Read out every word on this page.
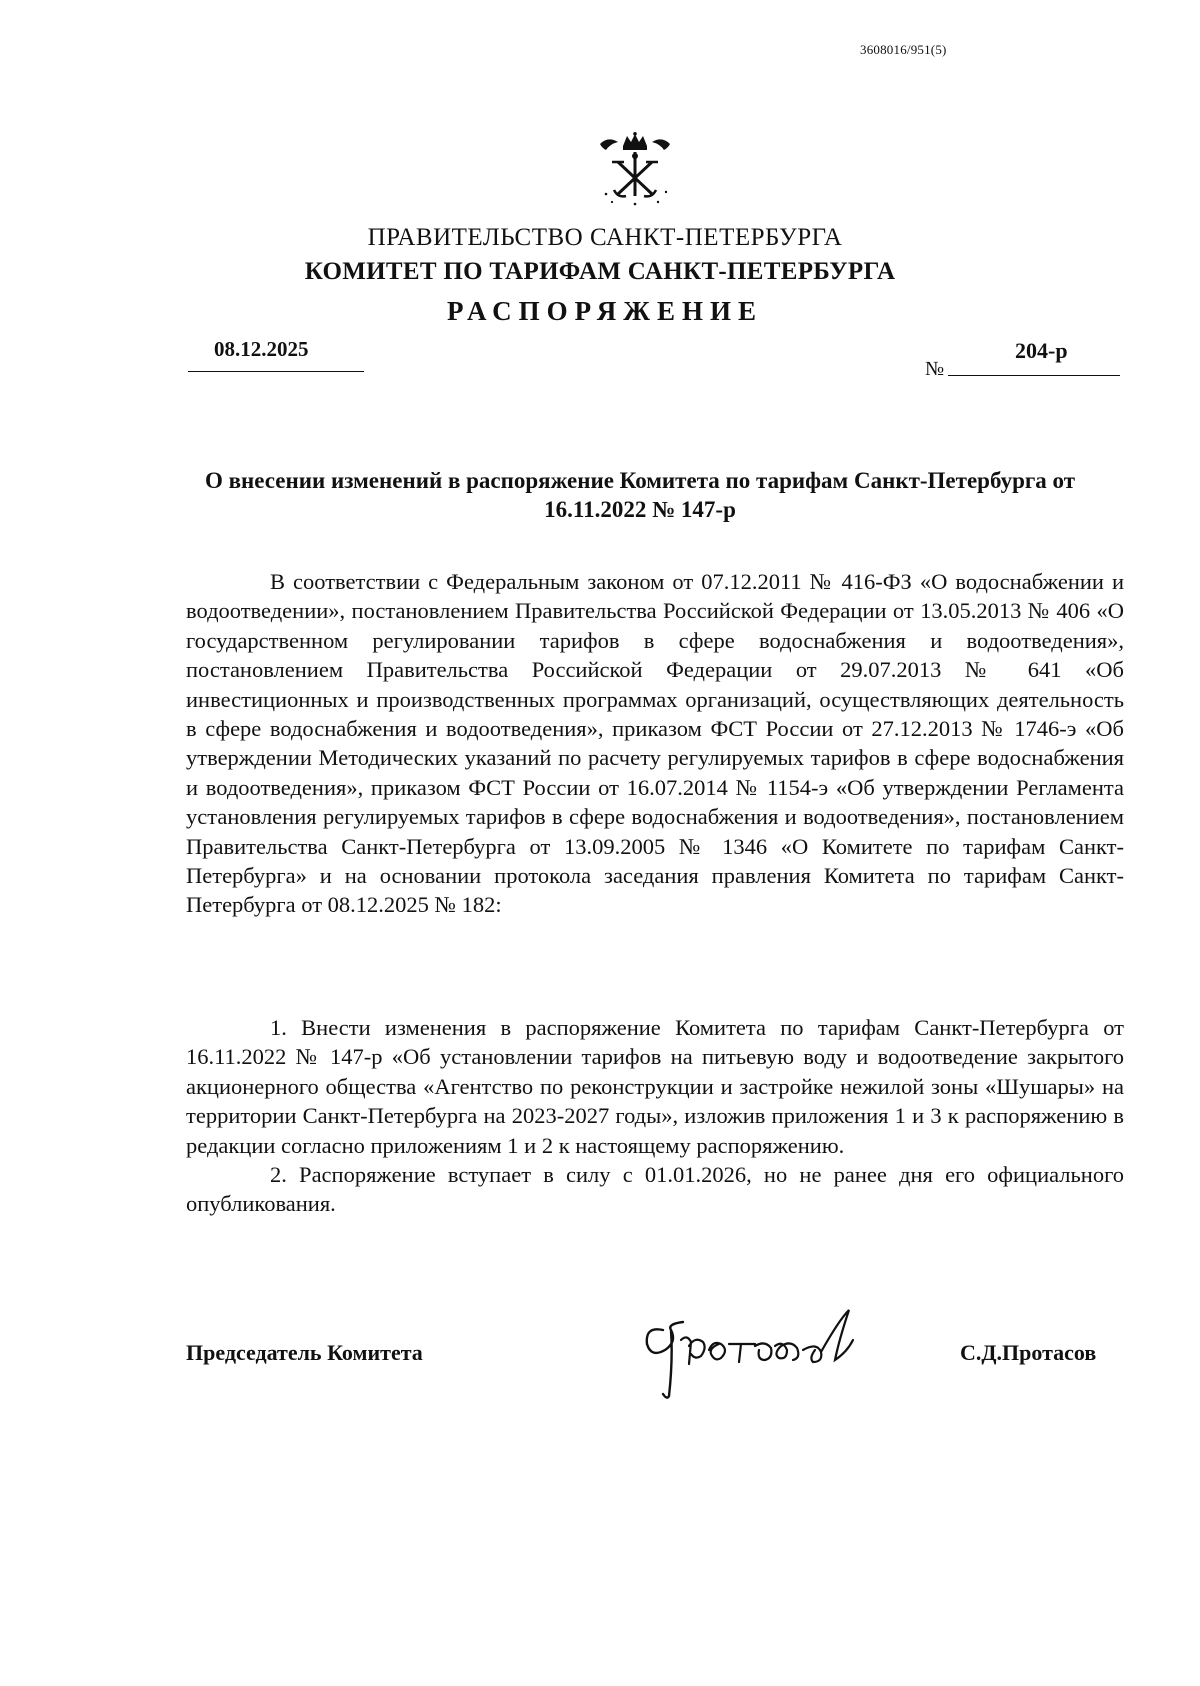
3608016/951(5)
ПРАВИТЕЛЬСТВО САНКТ-ПЕТЕРБУРГА
КОМИТЕТ ПО ТАРИФАМ САНКТ-ПЕТЕРБУРГА
РАСПОРЯЖЕНИЕ
08.12.2025	204-р
№
О внесении изменений в распоряжение Комитета по тарифам Санкт-Петербурга от 16.11.2022 № 147-р

В соответствии с Федеральным законом от 07.12.2011 № 416-ФЗ «О водоснабжении и водоотведении», постановлением Правительства Российской Федерации от 13.05.2013 № 406 «О государственном регулировании тарифов в сфере водоснабжения и водоотведения», постановлением Правительства Российской Федерации от 29.07.2013 № 641 «Об инвестиционных и производственных программах организаций, осуществляющих деятельность в сфере водоснабжения и водоотведения», приказом ФСТ России от 27.12.2013 № 1746-э «Об утверждении Методических указаний по расчету регулируемых тарифов в сфере водоснабжения и водоотведения», приказом ФСТ России от 16.07.2014 № 1154-э «Об утверждении Регламента установления регулируемых тарифов в сфере водоснабжения и водоотведения», постановлением Правительства Санкт-Петербурга от 13.09.2005 № 1346 «О Комитете по тарифам Санкт-Петербурга» и на основании протокола заседания правления Комитета по тарифам Санкт-Петербурга от 08.12.2025 № 182:

1. Внести изменения в распоряжение Комитета по тарифам Санкт-Петербурга от 16.11.2022 № 147-р «Об установлении тарифов на питьевую воду и водоотведение закрытого акционерного общества «Агентство по реконструкции и застройке нежилой зоны «Шушары» на территории Санкт-Петербурга на 2023-2027 годы», изложив приложения 1 и 3 к распоряжению в редакции согласно приложениям 1 и 2 к настоящему распоряжению.

2. Распоряжение вступает в силу с 01.01.2026, но не ранее дня его официального опубликования.

Председатель Комитета	С.Д.Протасов
